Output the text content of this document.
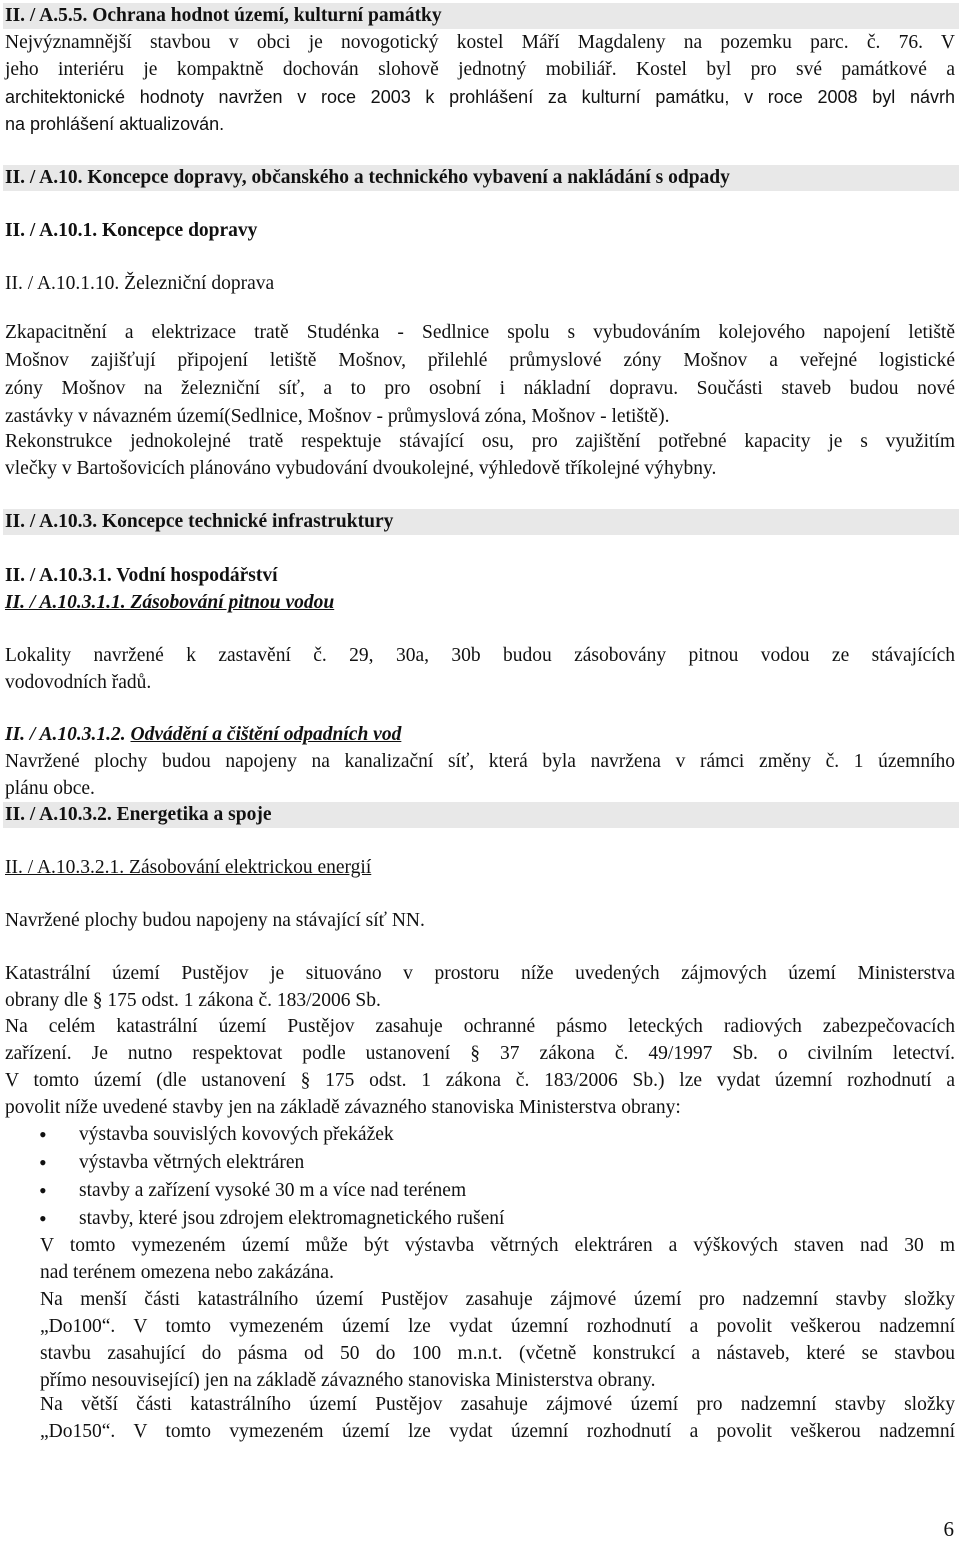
II. / A.5.5. Ochrana hodnot území, kulturní památky
Nejvýznamnější stavbou v obci je novogotický kostel Máří Magdaleny na pozemku parc. č. 76. V
jeho interiéru je kompaktně dochován slohově jednotný mobiliář. Kostel byl pro své památkové a
architektonické hodnoty navržen v roce 2003 k prohlášení za kulturní památku, v roce 2008 byl návrh
na prohlášení aktualizován.
II. / A.10. Koncepce dopravy, občanského a technického vybavení a nakládání s odpady
II. / A.10.1. Koncepce dopravy
II. / A.10.1.10. Železniční doprava
Zkapacitnění a elektrizace tratě Studénka - Sedlnice spolu s vybudováním kolejového napojení letiště
Mošnov zajišťují připojení letiště Mošnov, přilehlé průmyslové zóny Mošnov a veřejné logistické
zóny Mošnov na železniční síť, a to pro osobní i nákladní dopravu. Součásti staveb budou nové
zastávky v návazném území(Sedlnice, Mošnov - průmyslová zóna, Mošnov - letiště).
Rekonstrukce jednokolejné tratě respektuje stávající osu, pro zajištění potřebné kapacity je s využitím
vlečky v Bartošovicích plánováno vybudování dvoukolejné, výhledově tříkolejné výhybny.
II. / A.10.3. Koncepce technické infrastruktury
II. / A.10.3.1. Vodní hospodářství
II. / A.10.3.1.1. Zásobování pitnou vodou
Lokality navržené k zastavění č. 29, 30a, 30b budou zásobovány pitnou vodou ze stávajících
vodovodních řadů.
II. / A.10.3.1.2. Odvádění a čištění odpadních vod
Navržené plochy budou napojeny na kanalizační síť, která byla navržena v rámci změny č. 1 územního
plánu obce.
II. / A.10.3.2. Energetika a spoje
II. / A.10.3.2.1. Zásobování elektrickou energií
Navržené plochy budou napojeny na stávající síť NN.
Katastrální území Pustějov je situováno v prostoru níže uvedených zájmových území Ministerstva
obrany dle § 175 odst. 1 zákona č. 183/2006 Sb.
Na celém katastrální území Pustějov zasahuje ochranné pásmo leteckých radiových zabezpečovacích
zařízení. Je nutno respektovat podle ustanovení § 37 zákona č. 49/1997 Sb. o civilním letectví.
V tomto území (dle ustanovení § 175 odst. 1 zákona č. 183/2006 Sb.) lze vydat územní rozhodnutí a
povolit níže uvedené stavby jen na základě závazného stanoviska Ministerstva obrany:
• výstavba souvislých kovových překážek
• výstavba větrných elektráren
• stavby a zařízení vysoké 30 m a více nad terénem
• stavby, které jsou zdrojem elektromagnetického rušení
V tomto vymezeném území může být výstavba větrných elektráren a výškových staven nad 30 m
nad terénem omezena nebo zakázána.
Na menší části katastrálního území Pustějov zasahuje zájmové území pro nadzemní stavby složky
„Do100“. V tomto vymezeném území lze vydat územní rozhodnutí a povolit veškerou nadzemní
stavbu zasahující do pásma od 50 do 100 m.n.t. (včetně konstrukcí a nástaveb, které se stavbou
přímo nesouvisející) jen na základě závazného stanoviska Ministerstva obrany.
Na větší části katastrálního území Pustějov zasahuje zájmové území pro nadzemní stavby složky
„Do150“. V tomto vymezeném území lze vydat územní rozhodnutí a povolit veškerou nadzemní
6
